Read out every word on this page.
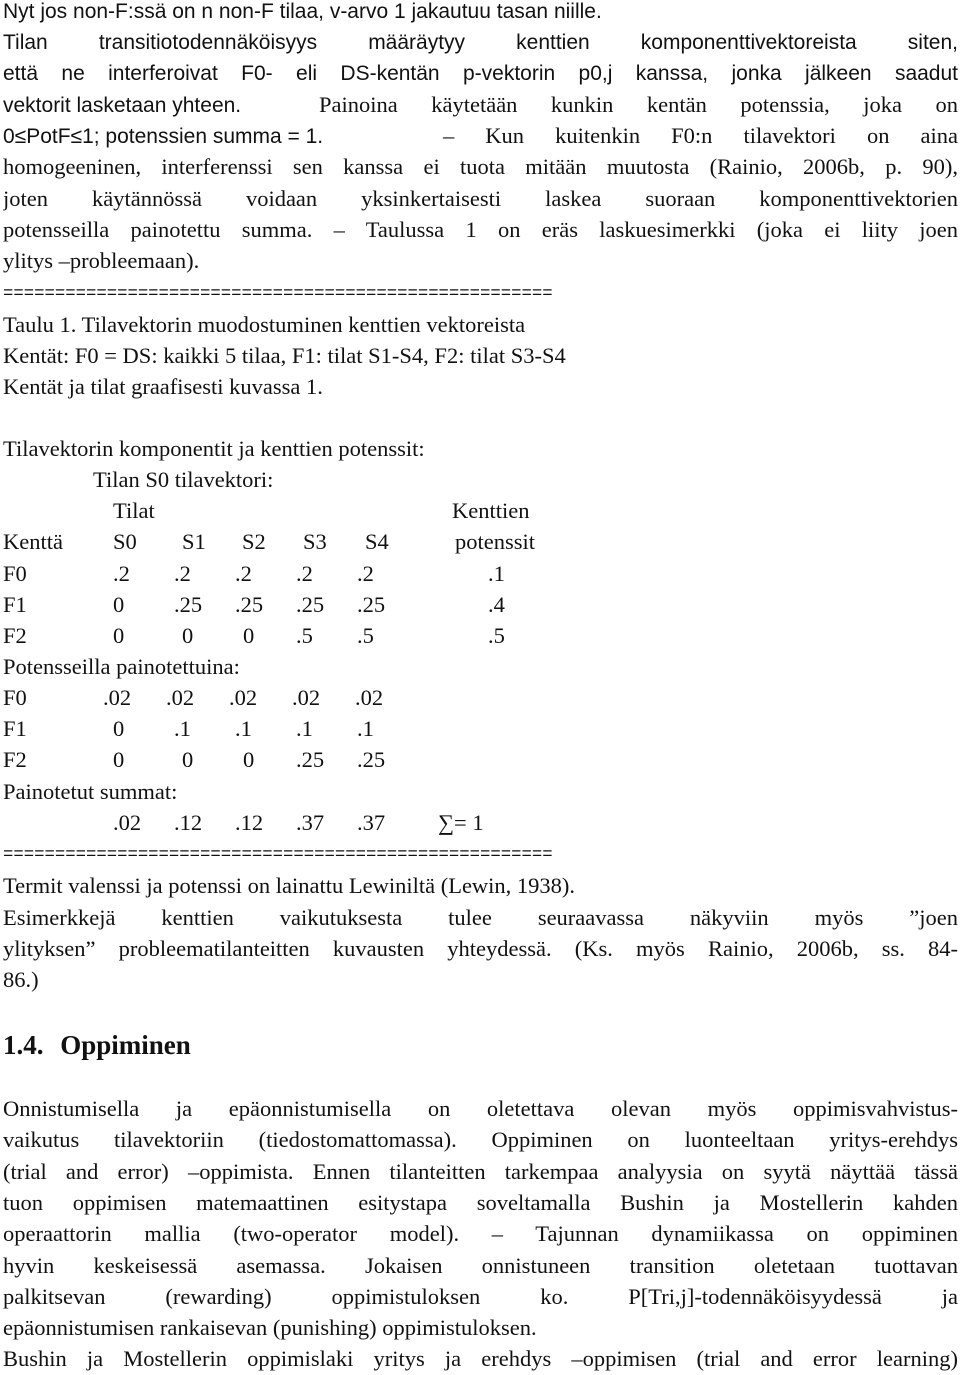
Nyt jos non-F:ssä on n non-F tilaa, v-arvo 1 jakautuu tasan niille.
Tilan transitiotodennäköisyys määräytyy kenttien komponenttivektoreista siten,
että ne interferoivat F0- eli DS-kentän p-vektorin p0,j kanssa, jonka jälkeen saadut
vektorit lasketaan yhteen.	Painoina käytetään kunkin kentän potenssia, joka on
0≤PotF≤1; potenssien summa = 1.	– Kun kuitenkin F0:n tilavektori on aina
homogeeninen, interferenssi sen kanssa ei tuota mitään muutosta (Rainio, 2006b, p. 90),
joten käytännössä voidaan yksinkertaisesti laskea suoraan komponenttivektorien
potensseilla painotettu summa. – Taulussa 1 on eräs laskuesimerkki (joka ei liity joen
ylitys –probleemaan).
=====================================================
Taulu 1. Tilavektorin muodostuminen kenttien vektoreista
Kentät: F0 = DS: kaikki 5 tilaa, F1: tilat S1-S4, F2: tilat S3-S4
Kentät ja tilat graafisesti kuvassa 1.
Tilavektorin komponentit ja kenttien potenssit:
Tilan S0 tilavektori:
Tilat	Kenttien
Kenttä S0 S1 S2 S3 S4	potenssit
F0	.2 .2 .2 .2 .2	.1
F1	0 .25 .25 .25 .25	.4
F2	0	0 0 .5 .5	.5
Potensseilla painotettuina:
F0	.02 .02 .02 .02 .02
F1	0 .1 .1 .1 .1
F2	0	0 0 .25 .25
Painotetut summat:
.02 .12 .12 .37 .37 ∑= 1
=====================================================
Termit valenssi ja potenssi on lainattu Lewiniltä (Lewin, 1938).
Esimerkkejä kenttien vaikutuksesta tulee seuraavassa näkyviin myös ”joen
ylityksen” probleematilanteitten kuvausten yhteydessä. (Ks. myös Rainio, 2006b, ss. 84-
86.)
1.4. Oppiminen
Onnistumisella ja epäonnistumisella on oletettava olevan myös oppimisvahvistus-
vaikutus tilavektoriin (tiedostomattomassa). Oppiminen on luonteeltaan yritys-erehdys
(trial and error) –oppimista. Ennen tilanteitten tarkempaa analyysia on syytä näyttää tässä
tuon oppimisen matemaattinen esitystapa soveltamalla Bushin ja Mostellerin kahden
operaattorin mallia (two-operator model). – Tajunnan dynamiikassa on oppiminen
hyvin keskeisessä asemassa. Jokaisen onnistuneen transition oletetaan tuottavan
palkitsevan (rewarding) oppimistuloksen ko. P[Tri,j]-todennäköisyydessä ja
epäonnistumisen rankaisevan (punishing) oppimistuloksen.
Bushin ja Mostellerin oppimislaki yritys ja erehdys –oppimisen (trial and error learning)
